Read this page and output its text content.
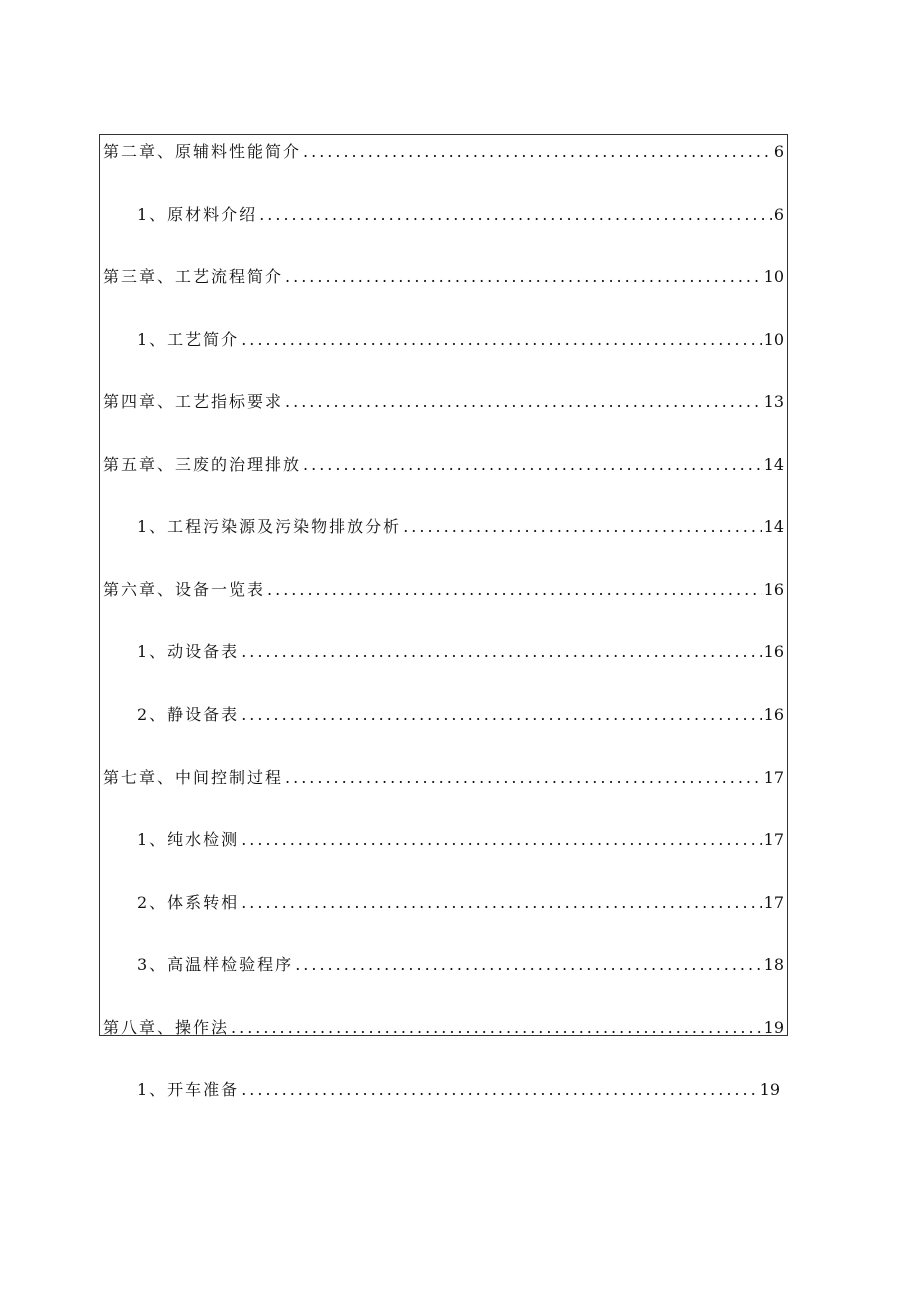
第二章、原辅料性能简介 .....	6
1、原材料介绍 .....	6
第三章、工艺流程简介 .....	10
1、工艺简介 .....	10
第四章、工艺指标要求 .....	13
第五章、三废的治理排放 .....	14
1、工程污染源及污染物排放分析 .....	14
第六章、设备一览表 .....	16
1、动设备表 .....	16
2、静设备表 .....	16
第七章、中间控制过程 .....	17
1、纯水检测 .....	17
2、体系转相 .....	17
3、高温样检验程序 .....	18
第八章、操作法 .....	19
1、开车准备 .....	19
